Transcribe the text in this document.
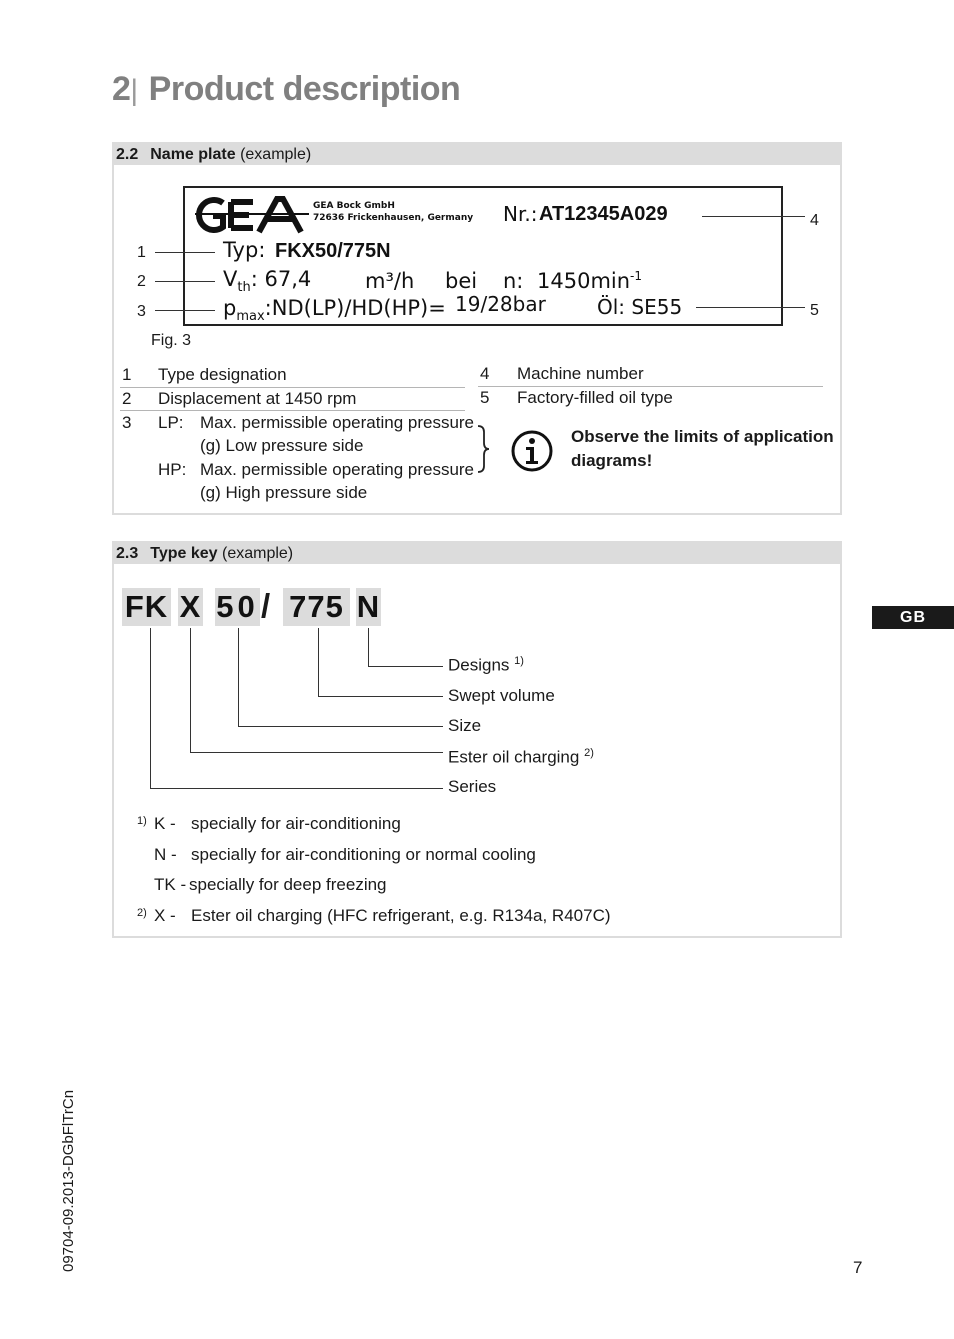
2| Product description
2.2 Name plate (example)
GEA Bock GmbH
72636 Frickenhausen, Germany Nr.: AT12345A029
Typ: FKX50/775N
$V_{th}$: 67,4	m³/h bei n: $1450\min^{-1}$
$p_{max}:ND(LP)/HD(HP)= 19/28bar$	Öl: SE55
1
2
3
4
5
Fig. 3
1 Type designation
2 Displacement at 1450 rpm
3 LP: Max. permissible operating pressure
(g) Low pressure side
HP: Max. permissible operating pressure
(g) High pressure side
4 Machine number
5 Factory-filled oil type
Observe the limits of application
diagrams!
2.3 Type key (example)
FK X 50 / 775 N
Designs $^{1)}$
Swept volume
Size
Ester oil charging $^{2)}$
Series
1) K - specially for air-conditioning
N - specially for air-conditioning or normal cooling
TK - specially for deep freezing
2) X - Ester oil charging (HFC refrigerant, e.g. R134a, R407C)
GB
09704-09.2013-DGbFlTrCn	7
